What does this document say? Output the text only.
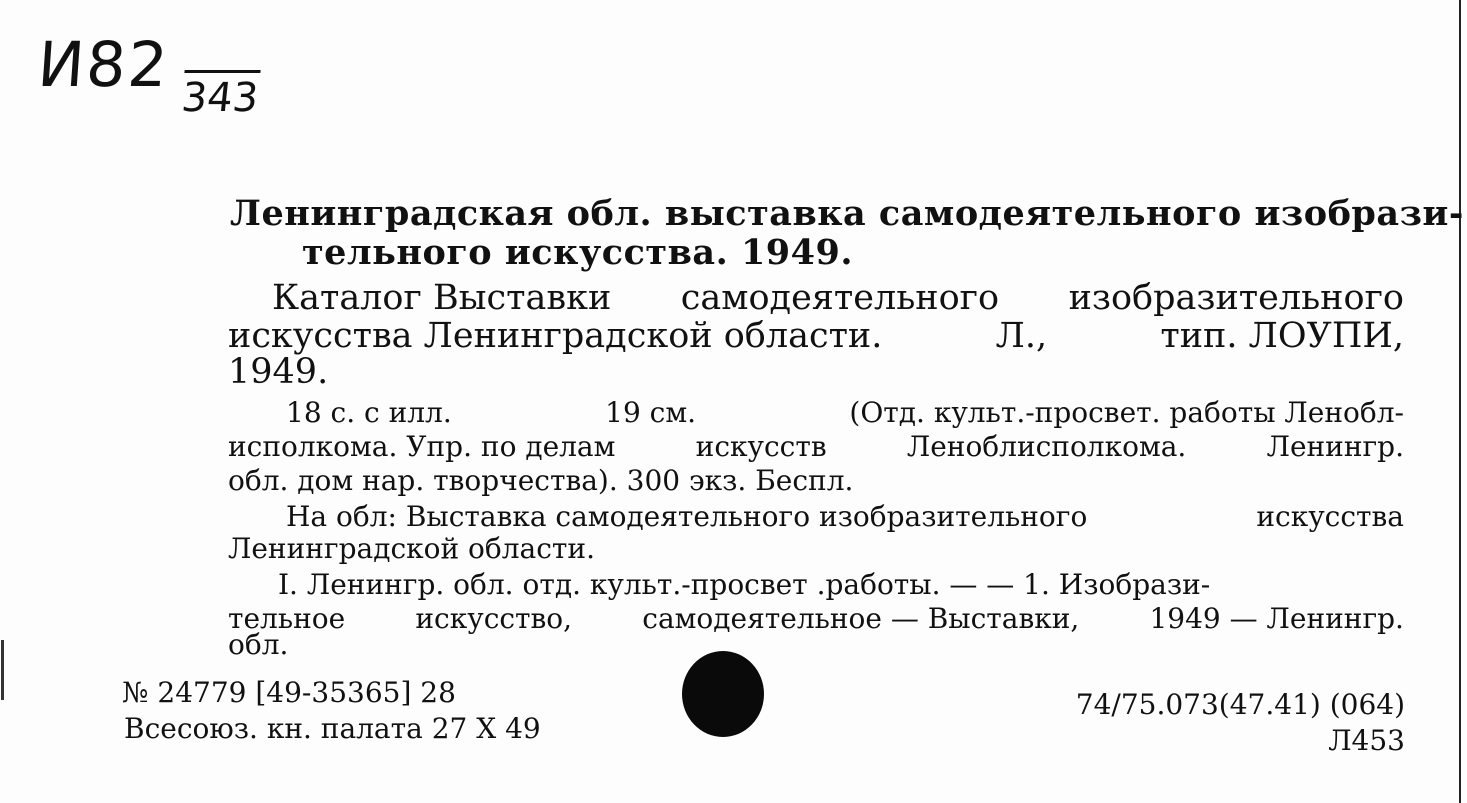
И82 343
Ленинградская обл. выставка самодеятельного изобрази-
тельного искусства. 1949.
Каталог Выставки самодеятельного изобразительного
искусства Ленинградской области.	Л.,	тип. ЛОУПИ,
1949.
18 с. с илл.	19 см.	(Отд. культ.-просвет. работы Ленобл-
исполкома. Упр. по делам	искусств	Леноблисполкома.	Ленингр.
обл. дом нар. творчества). 300 экз. Беспл.
На обл: Выставка самодеятельного изобразительного	искусства
Ленинградской области.
I. Ленингр. обл. отд. культ.-просвет .работы. — — 1. Изобрази-
тельное	искусство,	самодеятельное — Выставки,	1949 — Ленингр.
обл.
№ 24779 [49-35365] 28
Всесоюз. кн. палата 27 X 49
74/75.073(47.41) (064)
Л453
